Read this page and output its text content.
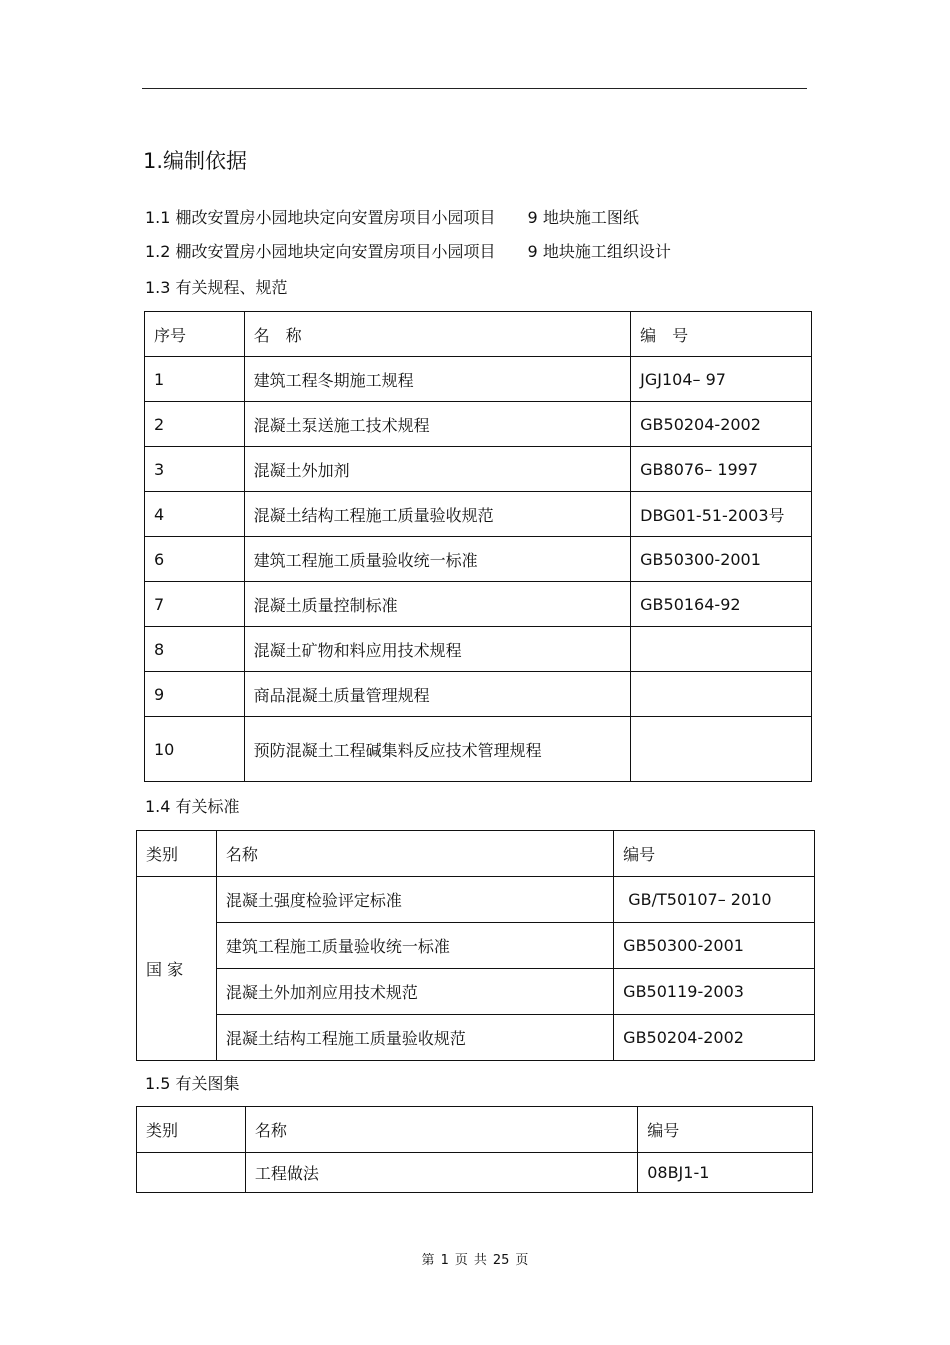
1.编制依据
1.1 棚改安置房小园地块定向安置房项目小园项目 9 地块施工图纸
1.2 棚改安置房小园地块定向安置房项目小园项目 9 地块施工组织设计
1.3 有关规程、规范
序号	名　称	编　号
1	建筑工程冬期施工规程	JGJ104– 97
2	混凝土泵送施工技术规程	GB50204-2002
3	混凝土外加剂	GB8076– 1997
4	混凝土结构工程施工质量验收规范	DBG01-51-2003号
6	建筑工程施工质量验收统一标准	GB50300-2001
7	混凝土质量控制标准	GB50164-92
8	混凝土矿物和料应用技术规程	
9	商品混凝土质量管理规程	
10	预防混凝土工程碱集料反应技术管理规程	
1.4 有关标准
类别	名称	编号
国 家	混凝土强度检验评定标准	GB/T50107– 2010
	建筑工程施工质量验收统一标准	GB50300-2001
	混凝土外加剂应用技术规范	GB50119-2003
	混凝土结构工程施工质量验收规范	GB50204-2002
1.5 有关图集
类别	名称	编号
	工程做法	08BJ1-1
第 1 页 共 25 页
